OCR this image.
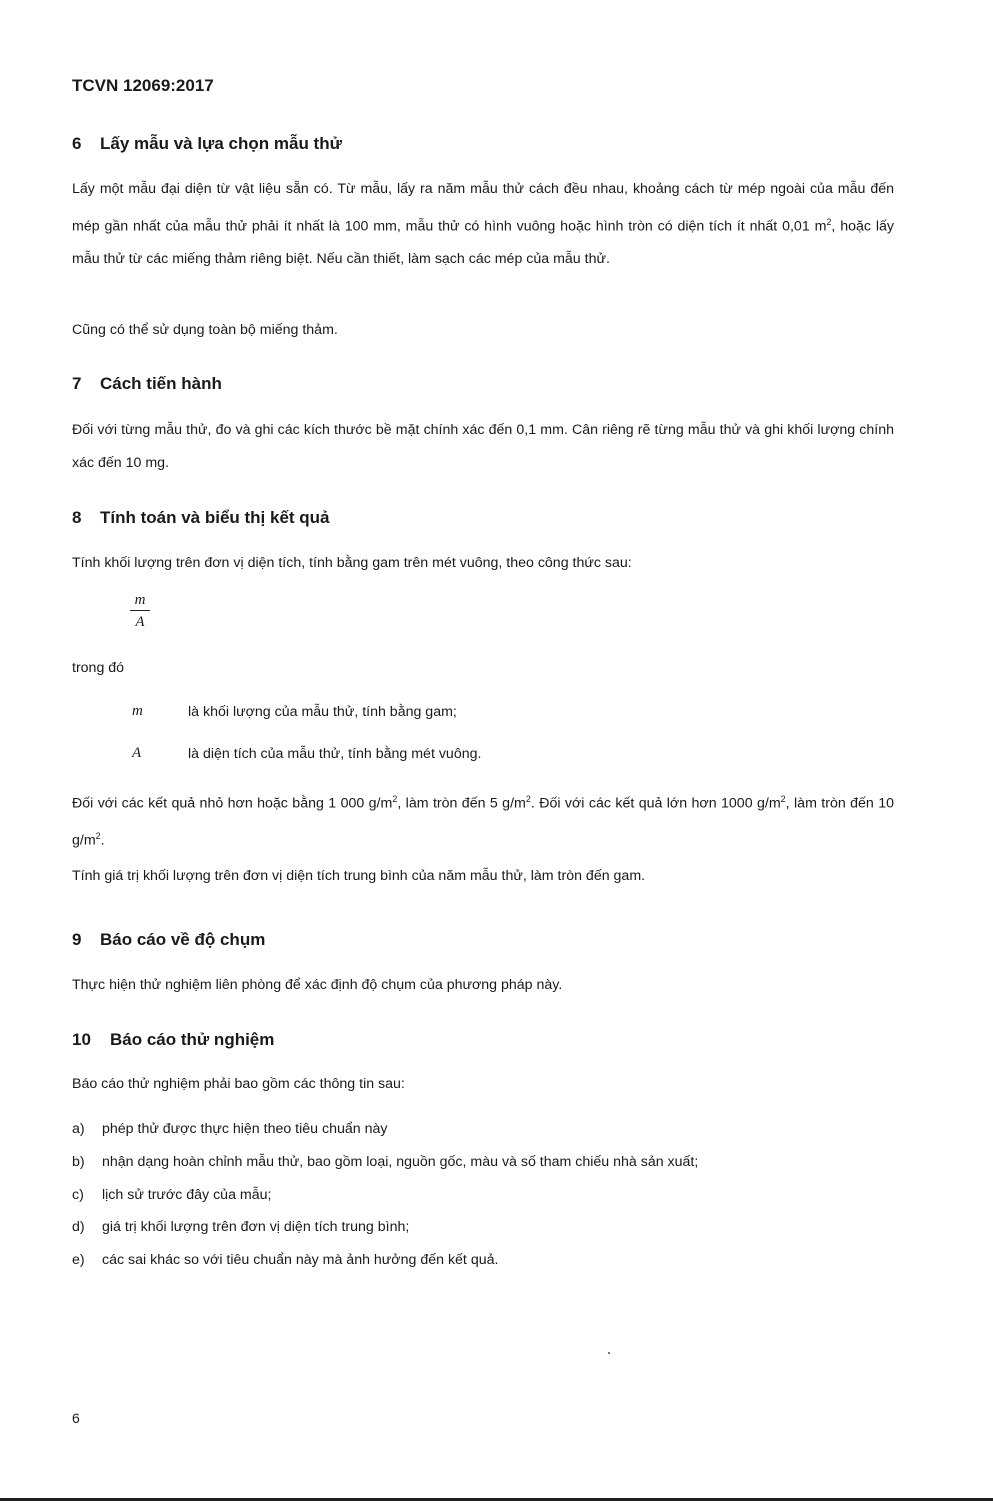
TCVN 12069:2017
6 Lấy mẫu và lựa chọn mẫu thử

Lấy một mẫu đại diện từ vật liệu sẵn có. Từ mẫu, lấy ra năm mẫu thử cách đều nhau, khoảng cách từ mép ngoài của mẫu đến mép gần nhất của mẫu thử phải ít nhất là 100 mm, mẫu thử có hình vuông hoặc hình tròn có diện tích ít nhất 0,01 $m^2$, hoặc lấy mẫu thử từ các miếng thảm riêng biệt. Nếu cần thiết, làm sạch các mép của mẫu thử.

Cũng có thể sử dụng toàn bộ miếng thảm.

7 Cách tiến hành

Đối với từng mẫu thử, đo và ghi các kích thước bề mặt chính xác đến 0,1 mm. Cân riêng rẽ từng mẫu thử và ghi khối lượng chính xác đến 10 mg.

8 Tính toán và biểu thị kết quả

Tính khối lượng trên đơn vị diện tích, tính bằng gam trên mét vuông, theo công thức sau:

m
A

trong đó

m	là khối lượng của mẫu thử, tính bằng gam;
A	là diện tích của mẫu thử, tính bằng mét vuông.

Đối với các kết quả nhỏ hơn hoặc bằng 1 000 $g/m^2$, làm tròn đến 5 $g/m^2$. Đối với các kết quả lớn hơn 1000 $g/m^2$, làm tròn đến 10 $g/m^2$.

Tính giá trị khối lượng trên đơn vị diện tích trung bình của năm mẫu thử, làm tròn đến gam.

9 Báo cáo về độ chụm

Thực hiện thử nghiệm liên phòng để xác định độ chụm của phương pháp này.

10 Báo cáo thử nghiệm

Báo cáo thử nghiệm phải bao gồm các thông tin sau:

a) phép thử được thực hiện theo tiêu chuẩn này
b) nhận dạng hoàn chỉnh mẫu thử, bao gồm loại, nguồn gốc, màu và số tham chiếu nhà sản xuất;
c) lịch sử trước đây của mẫu;
d) giá trị khối lượng trên đơn vị diện tích trung bình;
e) các sai khác so với tiêu chuẩn này mà ảnh hưởng đến kết quả.
6
